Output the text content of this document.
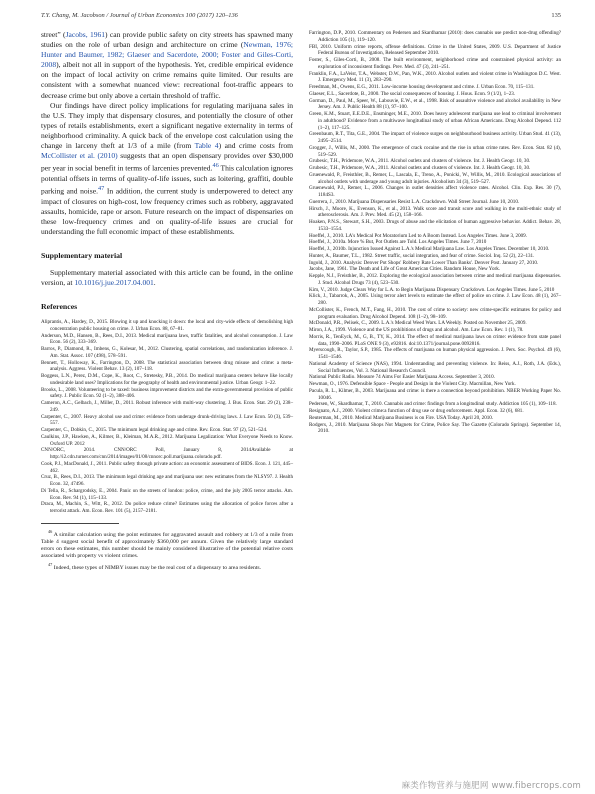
T.Y. Chang, M. Jacobson / Journal of Urban Economics 100 (2017) 120–136	135

street” (Jacobs, 1961) can provide public safety on city streets has spawned many studies on the role of urban design and architecture on crime (Newman, 1976; Hunter and Baumer, 1982; Glaeser and Sacerdote, 2000; Foster and Giles-Corti, 2008), albeit not all in support of the hypothesis. Yet, credible empirical evidence on the impact of local activity on crime remains quite limited. Our results are consistent with a somewhat nuanced view: recreational foot-traffic appears to decrease crime but only above a certain threshold of traffic.

Our findings have direct policy implications for regulating marijuana sales in the U.S. They imply that dispensary closures, and potentially the closure of other types of retails establishments, exert a significant negative externality in terms of neighborhood criminality. A quick back of the envelope cost calculation using the change in larceny theft at 1/3 of a mile (from Table 4) and crime costs from McCollister et al. (2010) suggests that an open dispensary provides over $30,000 per year in social benefit in terms of larcenies prevented.$^{46}$ This calculation ignores potential offsets in terms of quality-of-life issues, such as loitering, graffiti, double parking and noise.$^{47}$ In addition, the current study is underpowered to detect any impact of closures on high-cost, low frequency crimes such as robbery, aggravated assaults, homicide, rape or arson. Future research on the impact of dispensaries on these low-frequency crimes and on quality-of-life issues are crucial for understanding the full economic impact of these establishments.

Supplementary material

Supplementary material associated with this article can be found, in the online version, at 10.1016/j.jue.2017.04.001.

References
Aliprantis, A., Hardey, D., 2015. Blowing it up and knocking it down: the local and city-wide effects of demolishing high concentration public housing on crime. J. Urban Econ. 88, 67–81.
Anderson, M.D., Hansen, B., Rees, D.I., 2013. Medical marijuana laws, traffic fatalities, and alcohol consumption. J. Law Econ. 56 (2), 333–369.
Barros, P., Diamond, R., Imbens, G., Kolesar, M., 2012. Clustering, spatial correlations, and randomization inference. J. Am. Stat. Assoc. 107 (498), 578–591.
Bennett, T., Holloway, K., Farrington, D., 2008. The statistical association between drug misuse and crime: a meta-analysis. Aggress. Violent Behav. 13 (2), 107–118.
Boggess, L.N., Perez, D.M., Cope, K., Root, C., Stretesky, P.B., 2014. Do medical marijuana centers behave like locally undesirable land uses? Implications for the geography of health and environmental justice. Urban Geogr. 1–22.
Brooks, L., 2008. Volunteering to be taxed: business improvement districts and the extra-governmental provision of public safety. J. Public Econ. 92 (1–2), 388–406.
Cameron, A.C., Gelbach, J., Miller, D., 2011. Robust inference with multi-way clustering. J. Bus. Econ. Stat. 29 (2), 238–249.
Carpenter, C., 2007. Heavy alcohol use and crime: evidence from underage drunk-driving laws. J. Law Econ. 50 (3), 539–557.
Carpenter, C., Dobkin, C., 2015. The minimum legal drinking age and crime. Rev. Econ. Stat. 97 (2), 521–524.
Caulkins, J.P., Hawken, A., Kilmer, B., Kleiman, M.A.R., 2012. Marijuana Legalization: What Everyone Needs to Know. Oxford UP. 2012
CNN/ORC, 2014. CNN/ORC Poll, January 8, 2014Available at http://i2.cdn.turner.com/cnn/2014/images/01/08/cnnorc.poll.marijuana.colorado.pdf.
Cook, P.J., MacDonald, J., 2011. Public safety through private action: an economic assessment of BIDS. Econ. J. 121, 445–462.
Cruz, B., Rees, D.I., 2013. The minimum legal drinking age and marijuana use: new estimates from the NLSY97. J. Health Econ. 32, 47496.
Di Tella, R., Schargrodsky, E., 2004. Panic on the streets of london: police, crime, and the july 2005 terror attacks. Am. Econ. Rev. 94 (1), 115–133.
Draca, M., Machin, S., Witt, R., 2012. Do police reduce crime? Estimates using the allocation of police forces after a terrorist attack. Am. Econ. Rev. 101 (5), 2157–2181.
$^{46}$ A similar calculation using the point estimates for aggravated assault and robbery at 1/3 of a mile from Table 4 suggest social benefit of approximately $360,000 per annum. Given the relatively large standard errors on these estimates, this number should be mainly considered illustrative of the potential relative costs associated with property vs violent crimes.
$^{47}$ Indeed, these types of NIMBY issues may be the real cost of a dispensary to area residents.
Farrington, D.P., 2010. Commentary on Pedersen and Skardhamar (2010): does cannabis use predict non-drug offending? Addiction 105 (1), 119–120.
FBI, 2010. Uniform crime reports, offense definitions. Crime in the United States, 2009. U.S. Department of Justice Federal Bureau of Investigation, Released September 2010.
Foster, S., Giles-Corti, B., 2008. The built environment, neighborhood crime and constrained physical activity: an exploration of inconsistent findings. Prev. Med. 47 (3), 241–251.
Franklin, F.A., LaVeist, T.A., Webster, D.W., Pan, W.K., 2010. Alcohol outlets and violent crime in Washington D.C. West. J. Emergency Med. 11 (3), 283–290.
Freedman, M., Owens, E.G., 2011. Low-income housing development and crime. J. Urban Econ. 70, 115–131.
Glaeser, E.L., Sacerdote, B., 2000. The social consequences of housing. J. Hous. Econ. 9 (1/2), 1–23.
Gorman, D., Paul, M., Speer, W., Labouvie, E.W., et al., 1998. Risk of assaultive violence and alcohol availability in New Jersey. Am. J. Public Health 88 (1), 97–100.
Green, K.M., Stuart, E.E.D.E., Ensminger, M.E., 2010. Does heavy adolescent marijuana use lead to criminal involvement in adulthood? Evidence from a multiwave longitudinal study of urban African Americans. Drug Alcohol Depend. 112 (1–2), 117–125.
Greenbaum, R.T., Tita, G.E., 2004. The impact of violence surges on neighbourhood business activity. Urban Stud. 41 (13), 2495–2514.
Grogger, J., Willis, M., 2000. The emergence of crack cocaine and the rise in urban crime rates. Rev. Econ. Stat. 82 (4), 519–529.
Grubesic, T.H., Pridemore, W.A., 2011. Alcohol outlets and clusters of violence. Int. J. Health Geogr. 10, 30.
Grubesic, T.H., Pridemore, W.A., 2011. Alcohol outlets and clusters of violence. Int. J. Health Geogr. 10, 30.
Gruenewald, P., Freisthler, B., Remer, L., Lascala, E., Treno, A., Ponicki, W., Willis, M., 2010. Ecological associations of alcohol outlets with underage and young adult injuries. Alcoholism 34 (3), 519–527.
Gruenewald, P.J., Remer, L., 2006. Changes in outlet densities affect violence rates. Alcohol. Clin. Exp. Res. 30 (7), 1184S3.
Guerrera, J., 2010. Marijuana Dispensaries Resist L.A. Crackdown. Wall Street Journal. June 10, 2010.
Hirsch, J., Moore, K., Evenson, K., et al., 2013. Walk score and transit score and walking in the multi-ethnic study of atherosclerosis. Am. J. Prev. Med. 45 (2), 158–166.
Hoaken, P.N.S., Stewart, S.H., 2003. Drugs of abuse and the elicitation of human aggressive behavior. Addict. Behav. 28, 1533–1554.
Hoeffel, J., 2010. LA's Medical Pot Moratorium Led to A Boom Instead. Los Angeles Times. June 3, 2009.
Hoeffel, J., 2010a. More % But, Pot Outlets are Told. Los Angeles Times. June 7, 2010
Hoeffel, J., 2010b. Injunction Issued Against L.A.'s Medical Marijuana Law. Los Angeles Times. December 10, 2010.
Hunter, A., Baumer, T.L., 1982. Street traffic, social integration, and fear of crime. Sociol. Inq. 52 (2), 22–131.
Ingold, J., 2010. Analysis: Denver Pot Shops' Robbery Rate Lower Than Banks'. Denver Post. January 27, 2010.
Jacobs, Jane, 1961. The Death and Life of Great American Cities. Random House, New York.
Kepple, N.J., Freisthler, B., 2012. Exploring the ecological association between crime and medical marijuana dispensaries. J. Stud. Alcohol Drugs 73 (4), 523–530.
Kim, V., 2010. Judge Clears Way for L.A. to Begin Marijuana Dispensary Crackdown. Los Angeles Times. June 5, 2010
Klick, J., Tabarrok, A., 2005. Using terror alert levels to estimate the effect of police on crime. J. Law Econ. 48 (1), 267–280.
McCollister, K., French, M.T., Fang, H., 2010. The cost of crime to society: new crime-specific estimates for policy and program evaluation. Drug Alcohol Depend. 108 (1–2), 98–109.
McDonald, P.R., Pelisek, C., 2009. L.A.'s Medical Weed Wars. LA Weekly. Posted on November 25, 2009.
Miron, J.A., 1999. Violence and the US prohibitions of drugs and alcohol. Am. Law Econ. Rev. 1 (1), 78.
Morris, R., TenEyck, M., G, B., TY, K., 2014. The effect of medical marijuana laws on crime: evidence from state panel data, 1990–2006. PLoS ONE 9 (3), e92816. doi:10.1371/journal.pone.0092816.
Myerscough, R., Taylor, S.P., 1985. The effects of marijuana on human physical aggression. J. Pers. Soc. Psychol. 49 (6), 1541–1546.
National Academy of Science (NAS), 1994. Understanding and preventing violence. In: Reiss, A.J., Roth, J.A. (Eds.), Social Influences, Vol. 3. National Research Council.
National Public Radio. Measure 74 Aims For Easier Marijuana Access. September 3, 2010.
Newman, O., 1976. Defensible Space - People and Design in the Violent City. Macmillan, New York.
Pacula, R. L., Kilmer, B., 2003. Marijuana and crime: is there a connection beyond prohibition. NBER Working Paper No. 10046.
Pedersen, W., Skardhamar, T., 2010. Cannabis and crime: findings from a longitudinal study. Addiction 105 (1), 109–118.
Resignato, A.J., 2000. Violent crime:a function of drug use or drug enforcement. Appl. Econ. 32 (6), 681.
Reuterman, M., 2010. Medical Marijuana Business is on Fire. USA Today. April 20, 2010.
Rodgers, J., 2010. Marijuana Shops Not Magnets for Crime, Police Say. The Gazette (Colorado Springs). September 14, 2010.
麻类作物营养与施肥网 www.fibercrops.com
